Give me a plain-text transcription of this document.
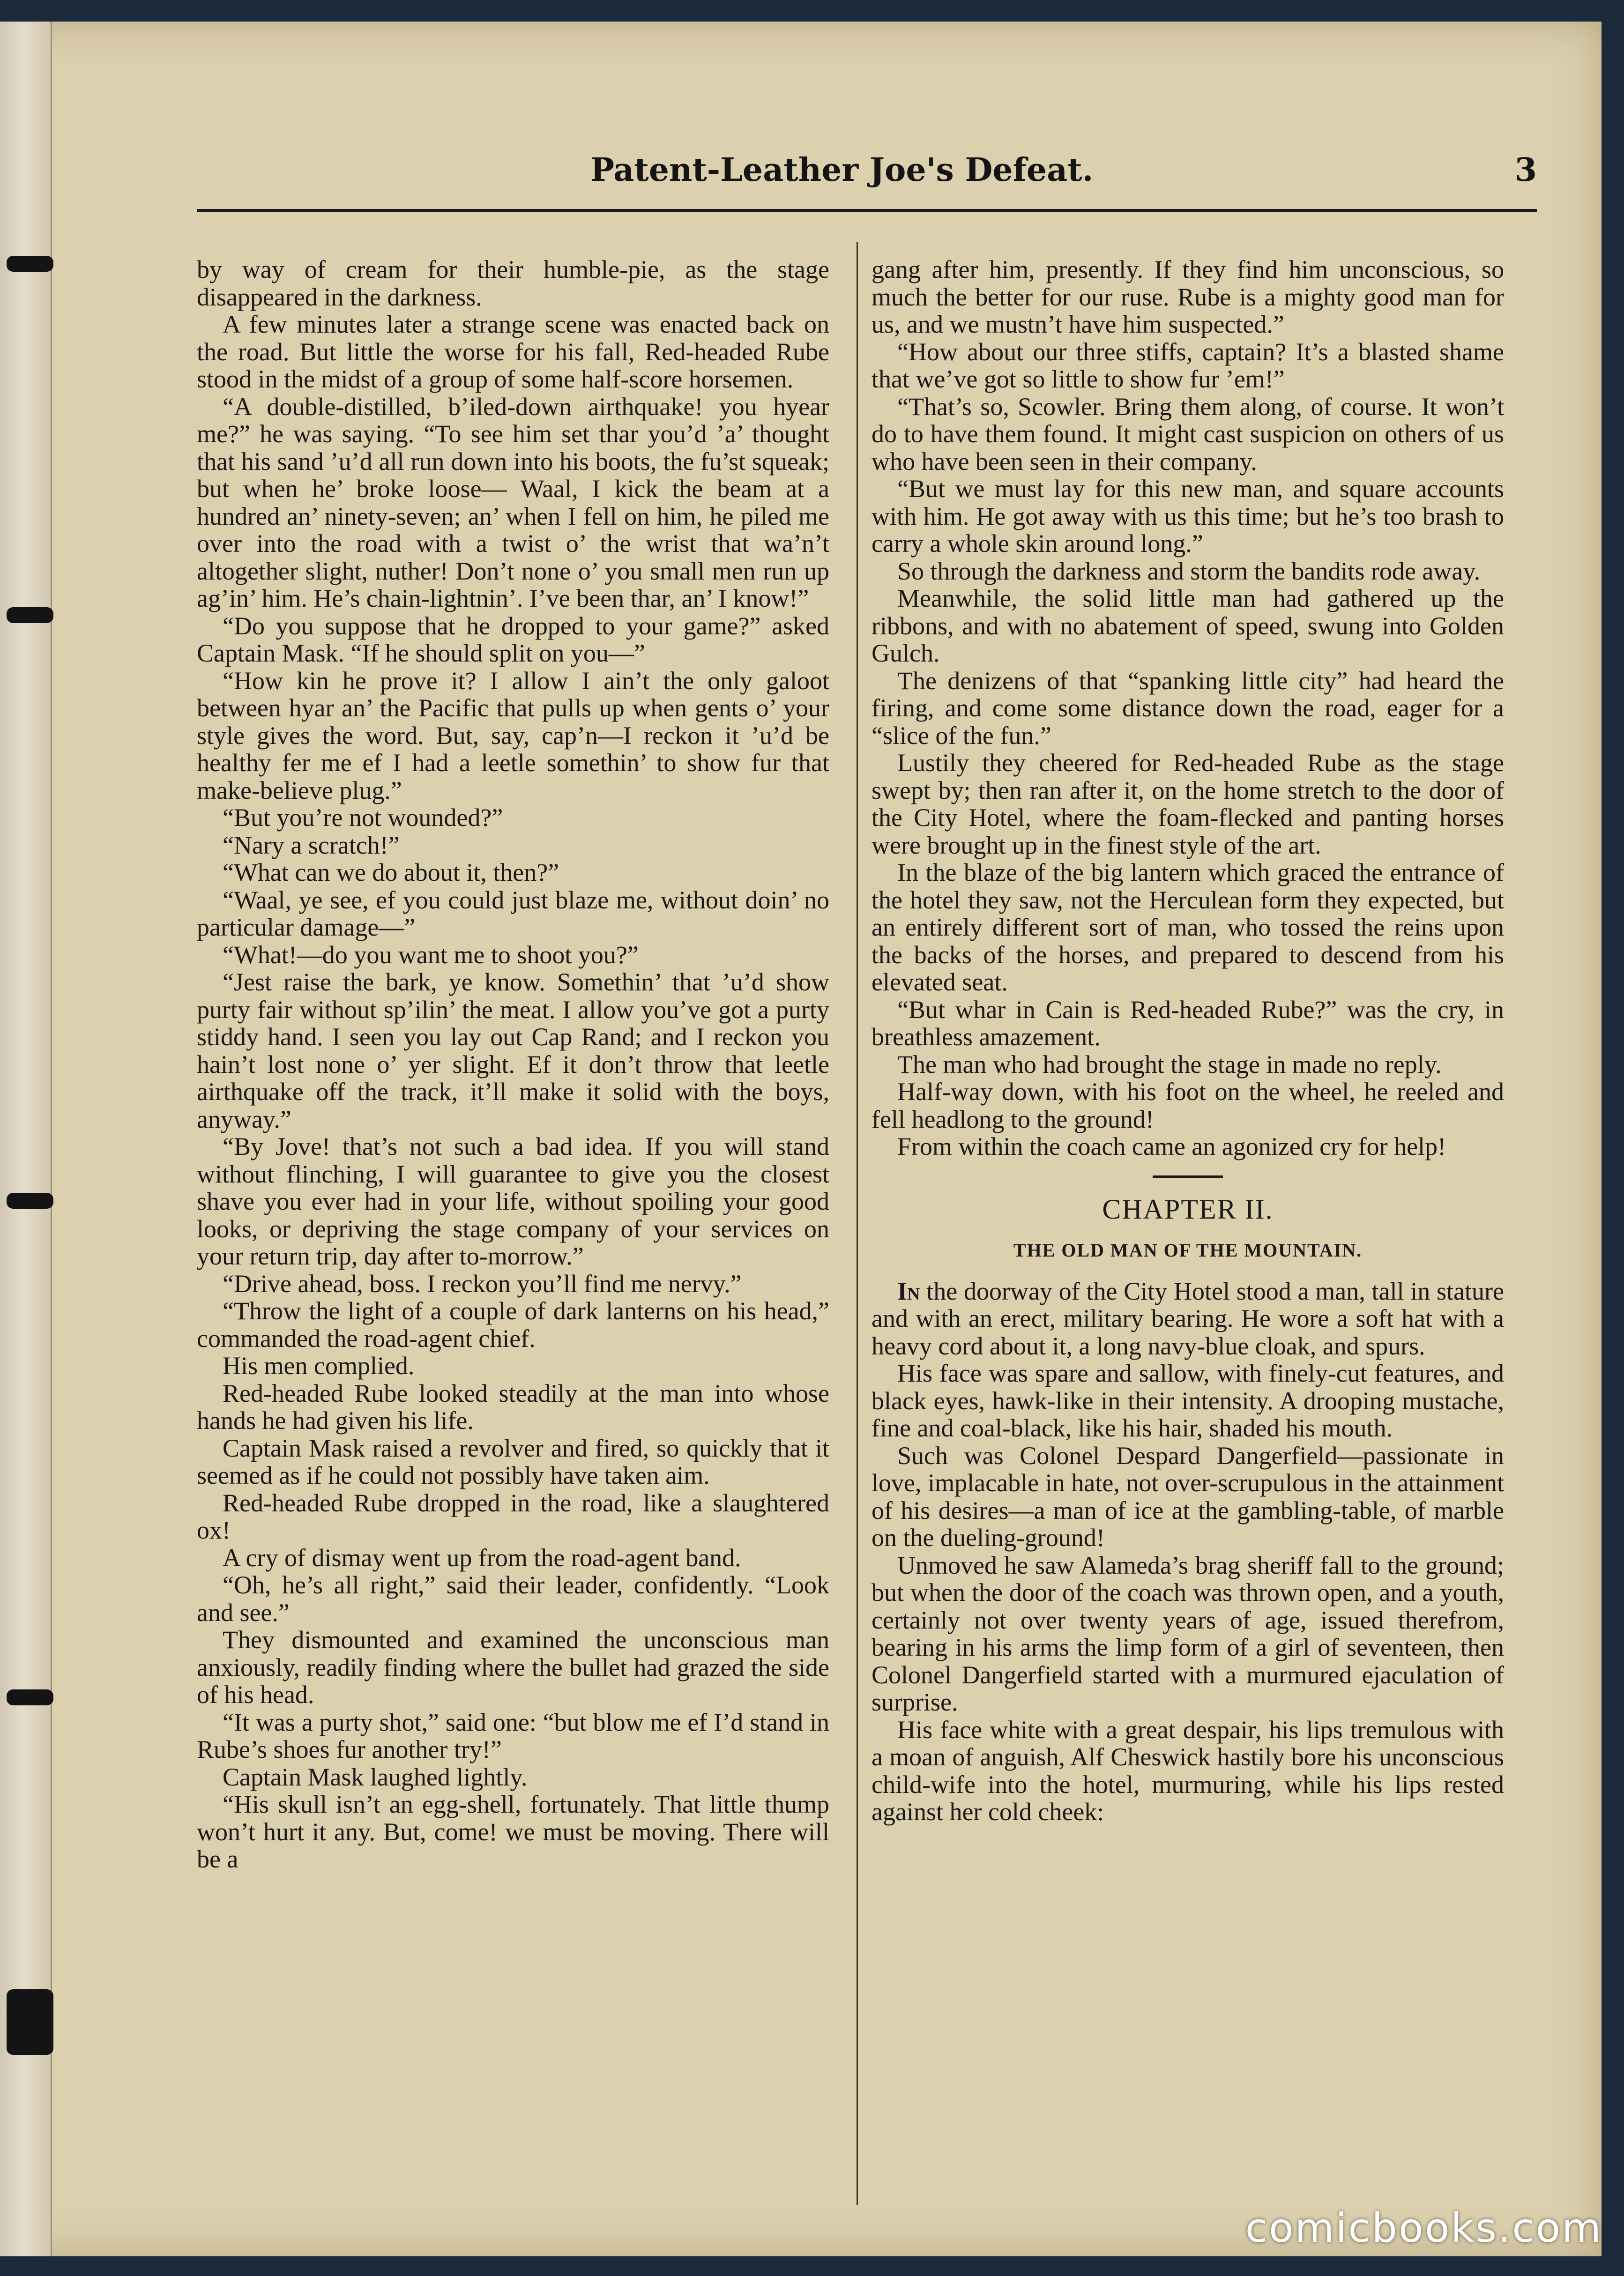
Patent-Leather Joe's Defeat.	3

by way of cream for their humble-pie, as the stage disappeared in the darkness.

A few minutes later a strange scene was enacted back on the road. But little the worse for his fall, Red-headed Rube stood in the midst of a group of some half-score horsemen.

“A double-distilled, b’iled-down airthquake! you hyear me?” he was saying. “To see him set thar you’d ’a’ thought that his sand ’u’d all run down into his boots, the fu’st squeak; but when he’ broke loose— Waal, I kick the beam at a hundred an’ ninety-seven; an’ when I fell on him, he piled me over into the road with a twist o’ the wrist that wa’n’t altogether slight, nuther! Don’t none o’ you small men run up ag’in’ him. He’s chain-lightnin’. I’ve been thar, an’ I know!”

“Do you suppose that he dropped to your game?” asked Captain Mask. “If he should split on you—”

“How kin he prove it? I allow I ain’t the only galoot between hyar an’ the Pacific that pulls up when gents o’ your style gives the word. But, say, cap’n—I reckon it ’u’d be healthy fer me ef I had a leetle somethin’ to show fur that make-believe plug.”

“But you’re not wounded?”

“Nary a scratch!”

“What can we do about it, then?”

“Waal, ye see, ef you could just blaze me, without doin’ no particular damage—”

“What!—do you want me to shoot you?”

“Jest raise the bark, ye know. Somethin’ that ’u’d show purty fair without sp’ilin’ the meat. I allow you’ve got a purty stiddy hand. I seen you lay out Cap Rand; and I reckon you hain’t lost none o’ yer slight. Ef it don’t throw that leetle airthquake off the track, it’ll make it solid with the boys, anyway.”

“By Jove! that’s not such a bad idea. If you will stand without flinching, I will guarantee to give you the closest shave you ever had in your life, without spoiling your good looks, or depriving the stage company of your services on your return trip, day after to-morrow.”

“Drive ahead, boss. I reckon you’ll find me nervy.”

“Throw the light of a couple of dark lanterns on his head,” commanded the road-agent chief.

His men complied.

Red-headed Rube looked steadily at the man into whose hands he had given his life.

Captain Mask raised a revolver and fired, so quickly that it seemed as if he could not possibly have taken aim.

Red-headed Rube dropped in the road, like a slaughtered ox!

A cry of dismay went up from the road-agent band.

“Oh, he’s all right,” said their leader, confidently. “Look and see.”

They dismounted and examined the unconscious man anxiously, readily finding where the bullet had grazed the side of his head.

“It was a purty shot,” said one: “but blow me ef I’d stand in Rube’s shoes fur another try!”

Captain Mask laughed lightly.

“His skull isn’t an egg-shell, fortunately. That little thump won’t hurt it any. But, come! we must be moving. There will be a

gang after him, presently. If they find him unconscious, so much the better for our ruse. Rube is a mighty good man for us, and we mustn’t have him suspected.”

“How about our three stiffs, captain? It’s a blasted shame that we’ve got so little to show fur ’em!”

“That’s so, Scowler. Bring them along, of course. It won’t do to have them found. It might cast suspicion on others of us who have been seen in their company.

“But we must lay for this new man, and square accounts with him. He got away with us this time; but he’s too brash to carry a whole skin around long.”

So through the darkness and storm the bandits rode away.

Meanwhile, the solid little man had gathered up the ribbons, and with no abatement of speed, swung into Golden Gulch.

The denizens of that “spanking little city” had heard the firing, and come some distance down the road, eager for a “slice of the fun.”

Lustily they cheered for Red-headed Rube as the stage swept by; then ran after it, on the home stretch to the door of the City Hotel, where the foam-flecked and panting horses were brought up in the finest style of the art.

In the blaze of the big lantern which graced the entrance of the hotel they saw, not the Herculean form they expected, but an entirely different sort of man, who tossed the reins upon the backs of the horses, and prepared to descend from his elevated seat.

“But whar in Cain is Red-headed Rube?” was the cry, in breathless amazement.

The man who had brought the stage in made no reply.

Half-way down, with his foot on the wheel, he reeled and fell headlong to the ground!

From within the coach came an agonized cry for help!

CHAPTER II.
THE OLD MAN OF THE MOUNTAIN.

In the doorway of the City Hotel stood a man, tall in stature and with an erect, military bearing. He wore a soft hat with a heavy cord about it, a long navy-blue cloak, and spurs.

His face was spare and sallow, with finely-cut features, and black eyes, hawk-like in their intensity. A drooping mustache, fine and coal-black, like his hair, shaded his mouth.

Such was Colonel Despard Dangerfield—passionate in love, implacable in hate, not over-scrupulous in the attainment of his desires—a man of ice at the gambling-table, of marble on the dueling-ground!

Unmoved he saw Alameda’s brag sheriff fall to the ground; but when the door of the coach was thrown open, and a youth, certainly not over twenty years of age, issued therefrom, bearing in his arms the limp form of a girl of seventeen, then Colonel Dangerfield started with a murmured ejaculation of surprise.

His face white with a great despair, his lips tremulous with a moan of anguish, Alf Cheswick hastily bore his unconscious child-wife into the hotel, murmuring, while his lips rested against her cold cheek:

comicbooks.com
